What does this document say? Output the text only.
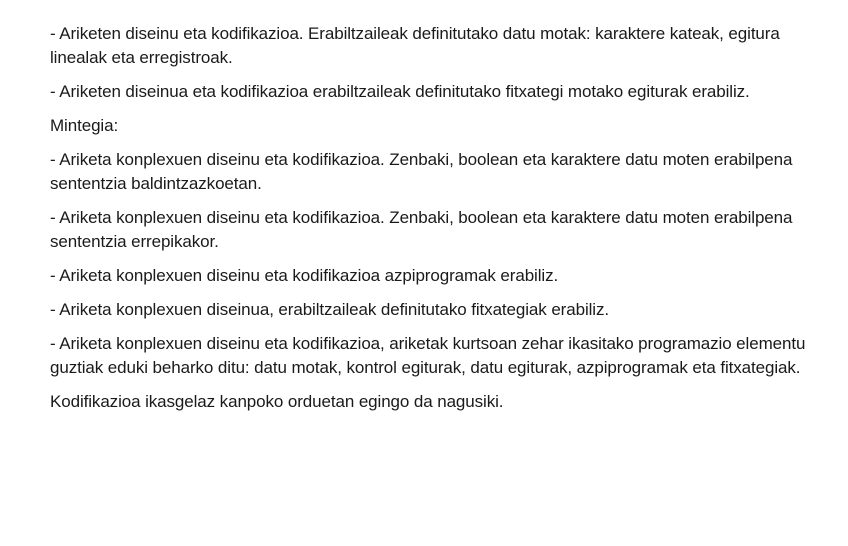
- Ariketen diseinu eta kodifikazioa. Erabiltzaileak definitutako datu motak: karaktere kateak, egitura linealak eta erregistroak.

- Ariketen diseinua eta kodifikazioa erabiltzaileak definitutako fitxategi motako egiturak erabiliz.

Mintegia:

- Ariketa konplexuen diseinu eta kodifikazioa. Zenbaki, boolean eta karaktere datu moten erabilpena sententzia baldintzazkoetan.

- Ariketa konplexuen diseinu eta kodifikazioa. Zenbaki, boolean eta karaktere datu moten erabilpena sententzia errepikakor.

- Ariketa konplexuen diseinu eta kodifikazioa azpiprogramak erabiliz.

- Ariketa konplexuen diseinua, erabiltzaileak definitutako fitxategiak erabiliz.

- Ariketa konplexuen diseinu eta kodifikazioa, ariketak kurtsoan zehar ikasitako programazio elementu guztiak eduki beharko ditu: datu motak, kontrol egiturak, datu egiturak, azpiprogramak eta fitxategiak.

Kodifikazioa ikasgelaz kanpoko orduetan egingo da nagusiki.
